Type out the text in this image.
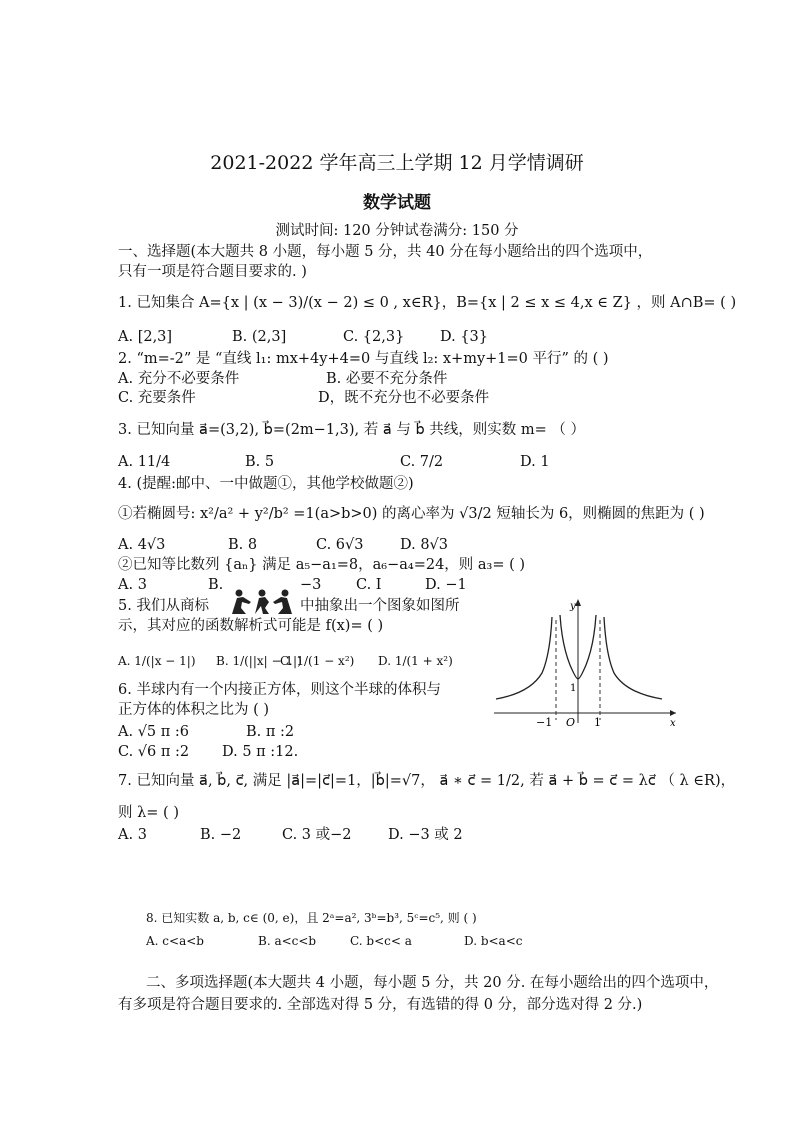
2021-2022 学年高三上学期 12 月学情调研
数学试题
测试时间: 120 分钟试卷满分: 150 分
一、选择题(本大题共 8 小题，每小题 5 分，共 40 分在每小题给出的四个选项中，
只有一项是符合题目要求的. )
1. 已知集合 A={x | (x − 3)/(x − 2) ≤ 0 , x∈R}，B={x | 2 ≤ x ≤ 4,x ∈ Z} ，则 A∩B= ( )
A. [2,3]	B. (2,3]	C. {2,3} D. {3}
2. “m=-2” 是 “直线 l₁: mx+4y+4=0 与直线 l₂: x+my+1=0 平行” 的 ( )
A. 充分不必要条件	B. 必要不充分条件
C. 充要条件	D，既不充分也不必要条件
3. 已知向量 a⃗=(3,2), b⃗=(2m−1,3), 若 a⃗ 与 b⃗ 共线，则实数 m= （ ）
A. 11/4	B. 5	C. 7/2	D. 1
4. (提醒:邮中、一中做题①，其他学校做题②)
①若椭圆号: x²/a² + y²/b² =1(a>b>0) 的离心率为 √3/2 短轴长为 6，则椭圆的焦距为 ( )
A. 4√3	B. 8	C. 6√3	D. 8√3
②已知等比数列 {aₙ} 满足 a₅−a₁=8，a₆−a₄=24，则 a₃= ( )
A. 3	B.	−3 C. I	D. −1
5. 我们从商标	中抽象出一个图象如图所
示，其对应的函数解析式可能是 f(x)= ( )
A. 1/(|x − 1|) B. 1/(||x| − 1|)
C. 1/(1 − x²) D. 1/(1 + x²)
6. 半球内有一个内接正方体，则这个半球的体积与
正方体的体积之比为 ( )
A. √5 π :6	B. π :2
C. √6 π :2 D. 5 π :12.
y
x
−1 O 1
1
7. 已知向量 a⃗, b⃗, c⃗, 满足 |a⃗|=|c⃗|=1，|b⃗|=√7， a⃗ ∗ c⃗ = 1/2, 若 a⃗ + b⃗ = c⃗ = λc⃗ （ λ ∈R)，
则 λ= ( )
A. 3	B. −2	C. 3 或−2	D. −3 或 2
8. 已知实数 a, b, c∈ (0, e)，且 2ᵃ=a², 3ᵇ=b³, 5ᶜ=c⁵, 则 ( )
A. c<a<b	B. a<c<b	C. b<c< a	D. b<a<c
二、多项选择题(本大题共 4 小题，每小题 5 分，共 20 分. 在每小题给出的四个选项中，
有多项是符合题目要求的. 全部选对得 5 分，有选错的得 0 分，部分选对得 2 分.)
